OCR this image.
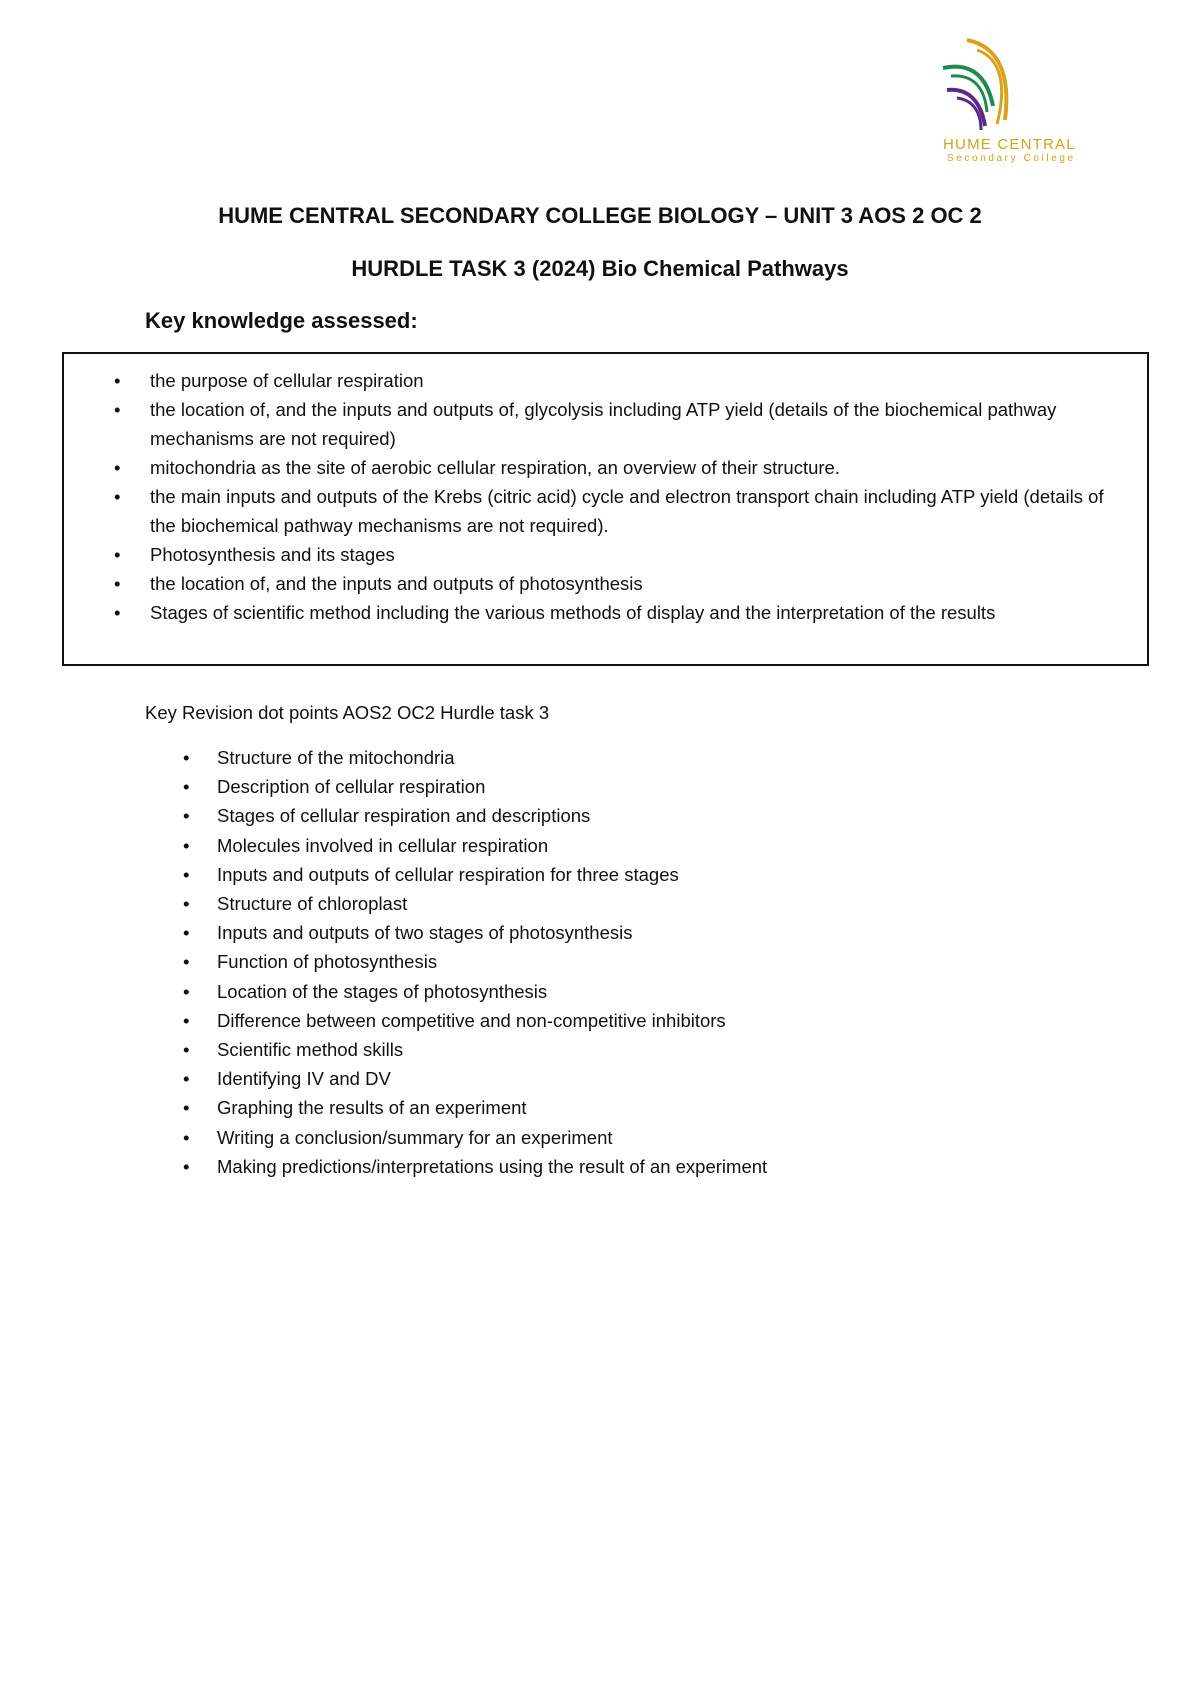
HUME CENTRAL
Secondary College
HUME CENTRAL SECONDARY COLLEGE BIOLOGY – UNIT 3 AOS 2 OC 2
HURDLE TASK 3 (2024) Bio Chemical Pathways
Key knowledge assessed:
• the purpose of cellular respiration
• the location of, and the inputs and outputs of, glycolysis including ATP yield (details of the biochemical pathway mechanisms are not required)
• mitochondria as the site of aerobic cellular respiration, an overview of their structure.
• the main inputs and outputs of the Krebs (citric acid) cycle and electron transport chain including ATP yield (details of the biochemical pathway mechanisms are not required).
• Photosynthesis and its stages
• the location of, and the inputs and outputs of photosynthesis
• Stages of scientific method including the various methods of display and the interpretation of the results
Key Revision dot points AOS2 OC2 Hurdle task 3
• Structure of the mitochondria
• Description of cellular respiration
• Stages of cellular respiration and descriptions
• Molecules involved in cellular respiration
• Inputs and outputs of cellular respiration for three stages
• Structure of chloroplast
• Inputs and outputs of two stages of photosynthesis
• Function of photosynthesis
• Location of the stages of photosynthesis
• Difference between competitive and non-competitive inhibitors
• Scientific method skills
• Identifying IV and DV
• Graphing the results of an experiment
• Writing a conclusion/summary for an experiment
• Making predictions/interpretations using the result of an experiment
